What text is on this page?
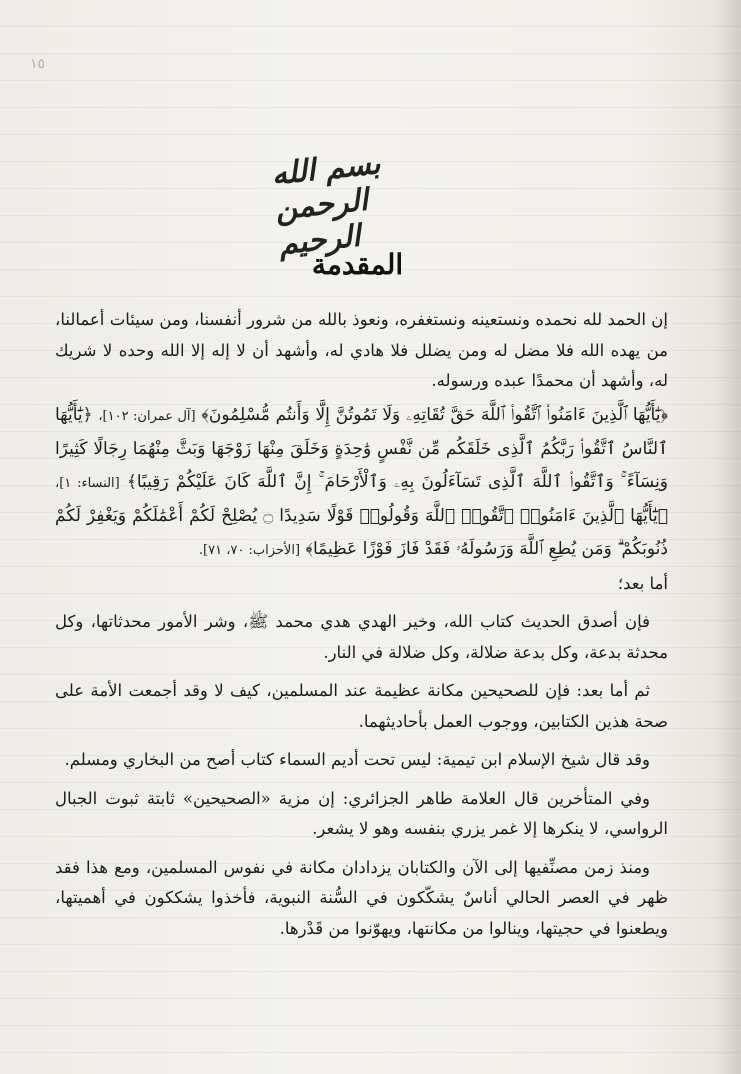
١٥
بسم الله الرحمن الرحيم
المقدمة

إن الحمد لله نحمده ونستعينه ونستغفره، ونعوذ بالله من شرور أنفسنا، ومن سيئات أعمالنا، من يهده الله فلا مضل له ومن يضلل فلا هادي له، وأشهد أن لا إله إلا الله وحده لا شريك له، وأشهد أن محمدًا عبده ورسوله.

﴿يَٰٓأَيُّهَا ٱلَّذِينَ ءَامَنُوا۟ ٱتَّقُوا۟ ٱللَّهَ حَقَّ تُقَاتِهِۦ وَلَا تَمُوتُنَّ إِلَّا وَأَنتُم مُّسْلِمُونَ﴾ [آل عمران: ١٠٢]، ﴿يَٰٓأَيُّهَا ٱلنَّاسُ ٱتَّقُوا۟ رَبَّكُمُ ٱلَّذِى خَلَقَكُم مِّن نَّفْسٍ وَٰحِدَةٍ وَخَلَقَ مِنْهَا زَوْجَهَا وَبَثَّ مِنْهُمَا رِجَالًا كَثِيرًا وَنِسَآءً ۚ وَٱتَّقُوا۟ ٱللَّهَ ٱلَّذِى تَسَآءَلُونَ بِهِۦ وَٱلْأَرْحَامَ ۚ إِنَّ ٱللَّهَ كَانَ عَلَيْكُمْ رَقِيبًا﴾ [النساء: ١]، ﴿يَٰٓأَيُّهَا ٱلَّذِينَ ءَامَنُوا۟ ٱتَّقُوا۟ ٱللَّهَ وَقُولُوا۟ قَوْلًا سَدِيدًا ۝ يُصْلِحْ لَكُمْ أَعْمَٰلَكُمْ وَيَغْفِرْ لَكُمْ ذُنُوبَكُمْ ۗ وَمَن يُطِعِ ٱللَّهَ وَرَسُولَهُۥ فَقَدْ فَازَ فَوْزًا عَظِيمًا﴾ [الأحزاب: ٧٠، ٧١].

أما بعد؛

فإن أصدق الحديث كتاب الله، وخير الهدي هدي محمد ﷺ، وشر الأمور محدثاتها، وكل محدثة بدعة، وكل بدعة ضلالة، وكل ضلالة في النار.

ثم أما بعد: فإن للصحيحين مكانة عظيمة عند المسلمين، كيف لا وقد أجمعت الأمة على صحة هذين الكتابين، ووجوب العمل بأحاديثهما.

وقد قال شيخ الإسلام ابن تيمية: ليس تحت أديم السماء كتاب أصح من البخاري ومسلم.

وفي المتأخرين قال العلامة طاهر الجزائري: إن مزية «الصحيحين» ثابتة ثبوت الجبال الرواسي، لا ينكرها إلا غمر يزري بنفسه وهو لا يشعر.

ومنذ زمن مصنِّفيها إلى الآن والكتابان يزدادان مكانة في نفوس المسلمين، ومع هذا فقد ظهر في العصر الحالي أناسٌ يشكّكون في السُّنة النبوية، فأخذوا يشككون في أهميتها، ويطعنوا في حجيتها، وينالوا من مكانتها، ويهوّنوا من قَدْرها.
